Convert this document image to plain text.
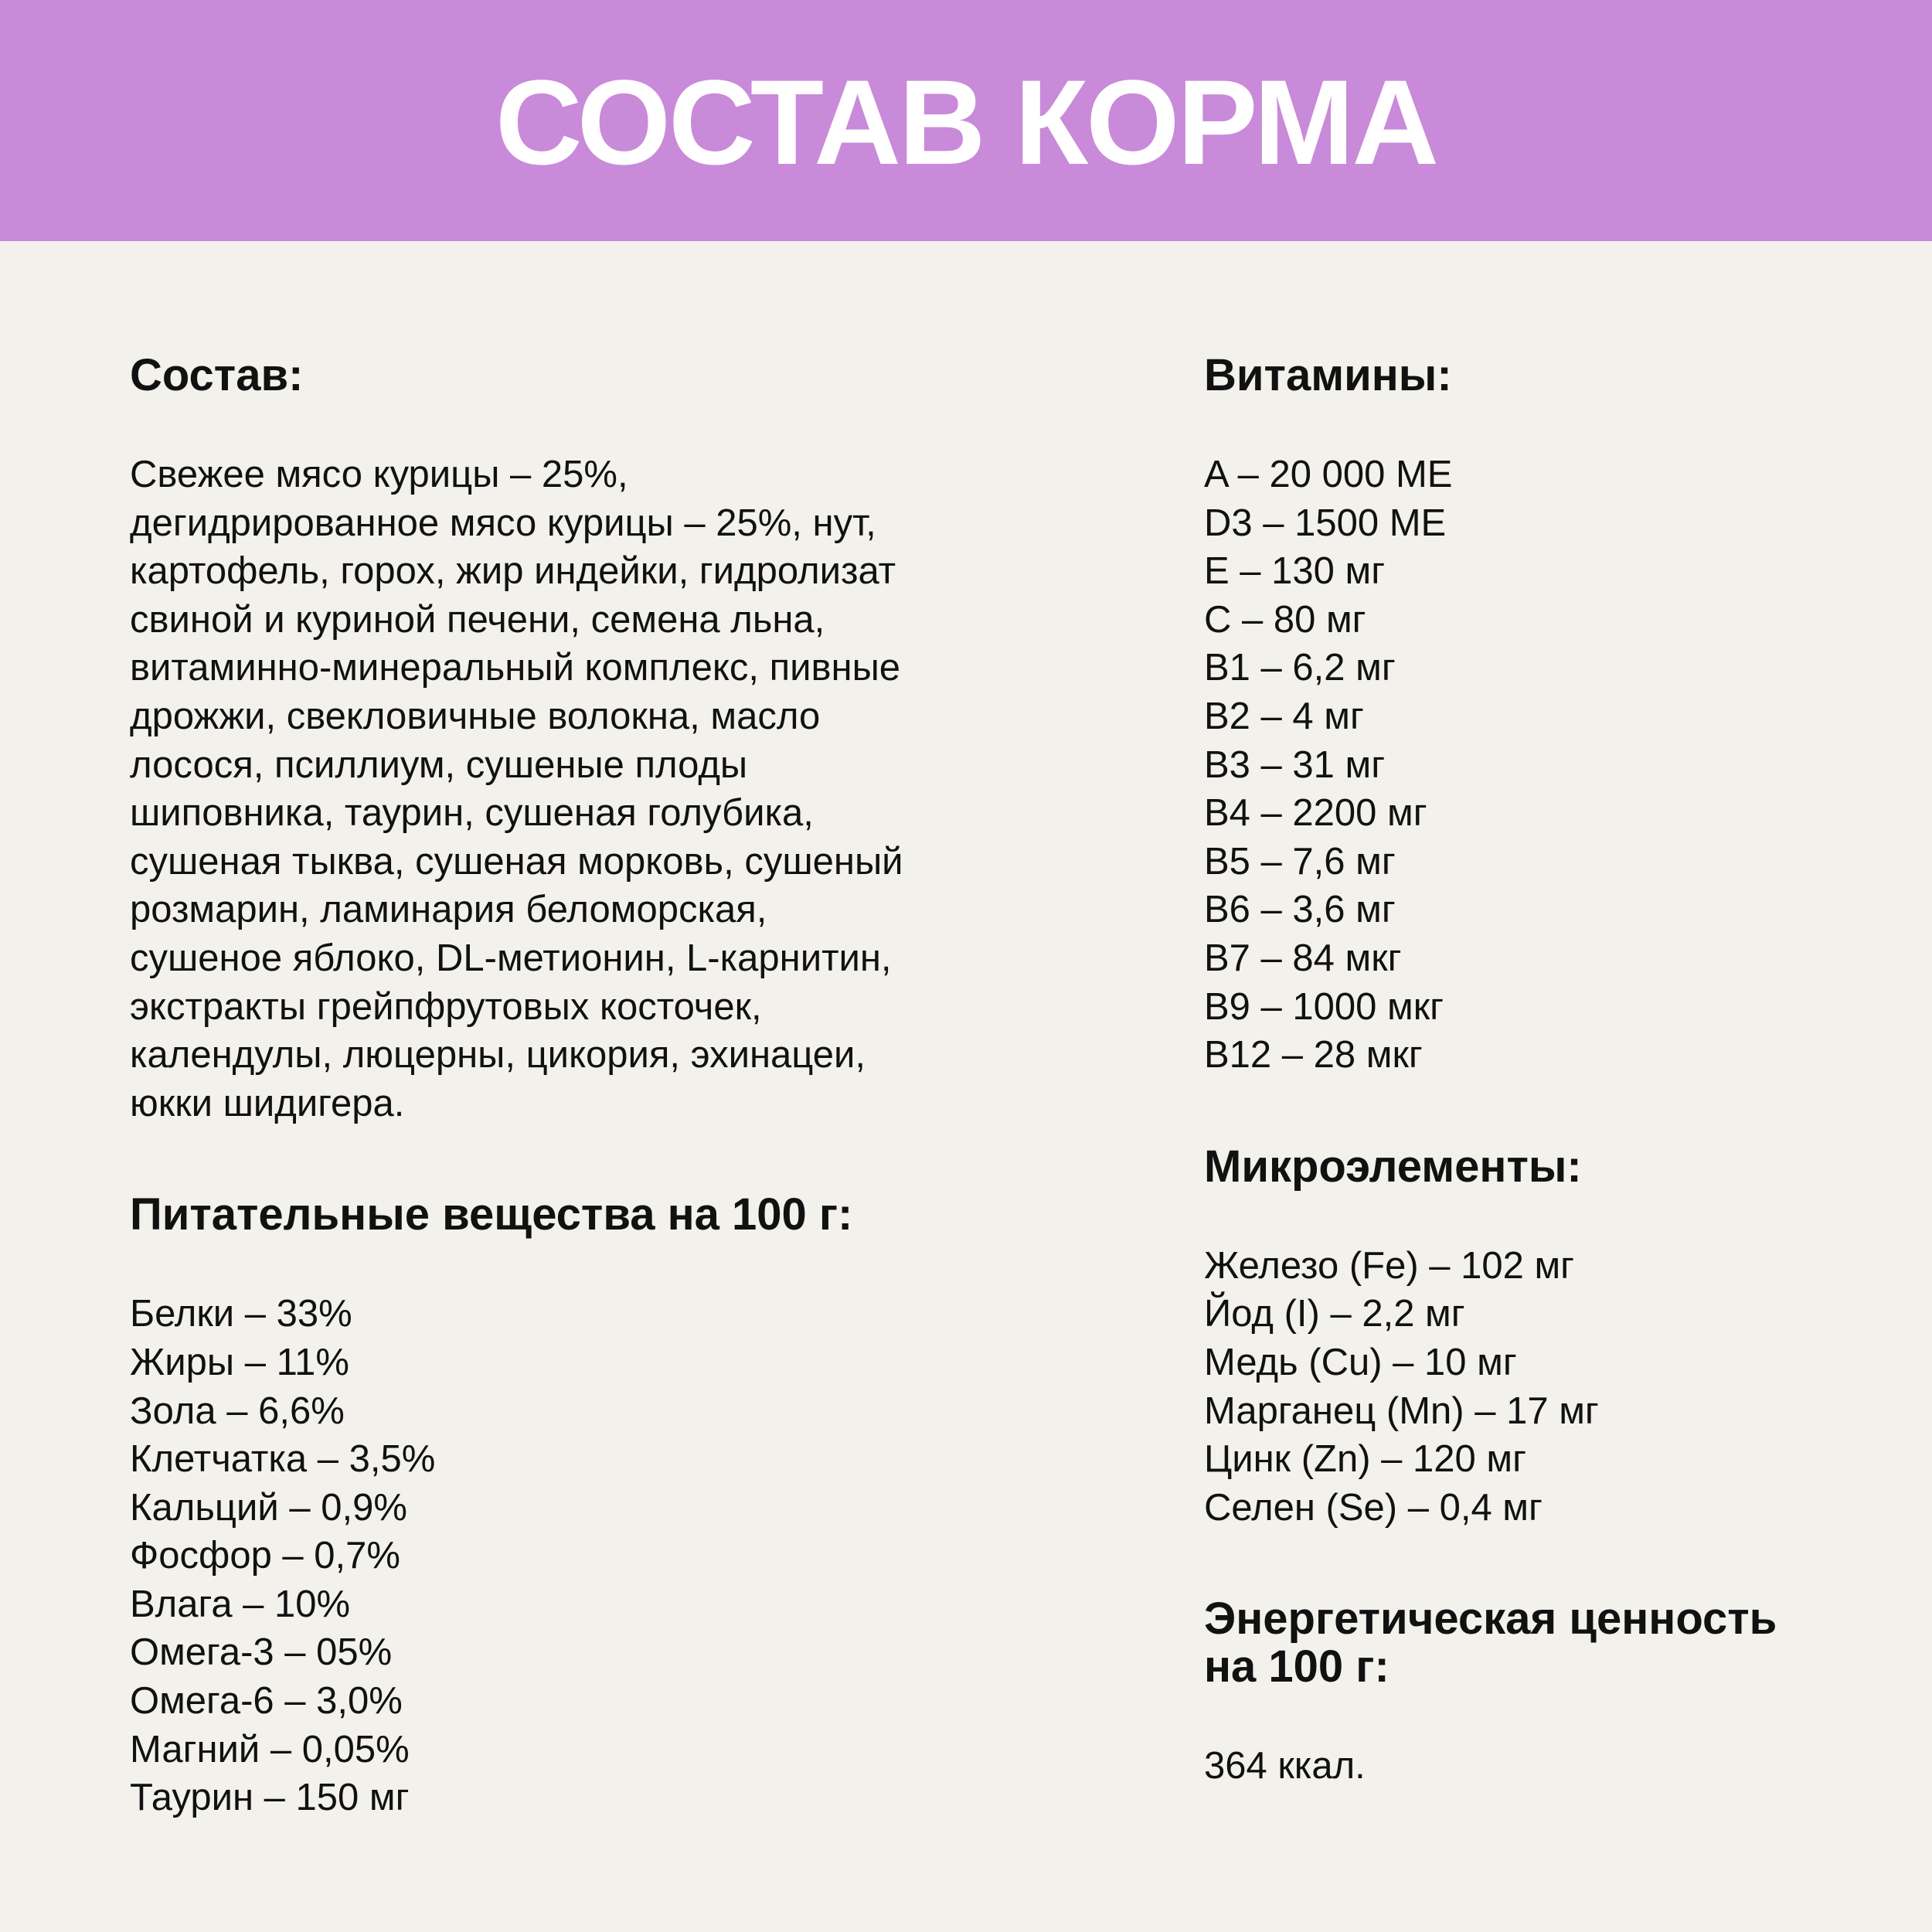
СОСТАВ КОРМА
Состав:

Свежее мясо курицы – 25%,
дегидрированное мясо курицы – 25%, нут,
картофель, горох, жир индейки, гидролизат
свиной и куриной печени, семена льна,
витаминно-минеральный комплекс, пивные
дрожжи, свекловичные волокна, масло
лосося, псиллиум, сушеные плоды
шиповника, таурин, сушеная голубика,
сушеная тыква, сушеная морковь, сушеный
розмарин, ламинария беломорская,
сушеное яблоко, DL-метионин, L-карнитин,
экстракты грейпфрутовых косточек,
календулы, люцерны, цикория, эхинацеи,
юкки шидигера.

Питательные вещества на 100 г:
Белки – 33%
Жиры – 11%
Зола – 6,6%
Клетчатка – 3,5%
Кальций – 0,9%
Фосфор – 0,7%
Влага – 10%
Омега-3 – 05%
Омега-6 – 3,0%
Магний – 0,05%
Таурин – 150 мг
Витамины:
A – 20 000 МЕ
D3 – 1500 МЕ
E – 130 мг
C – 80 мг
B1 – 6,2 мг
B2 – 4 мг
B3 – 31 мг
B4 – 2200 мг
B5 – 7,6 мг
B6 – 3,6 мг
B7 – 84 мкг
B9 – 1000 мкг
B12 – 28 мкг
Микроэлементы:
Железо (Fe) – 102 мг
Йод (I) – 2,2 мг
Медь (Cu) – 10 мг
Марганец (Mn) – 17 мг
Цинк (Zn) – 120 мг
Селен (Se) – 0,4 мг
Энергетическая ценность
на 100 г:

364 ккал.
